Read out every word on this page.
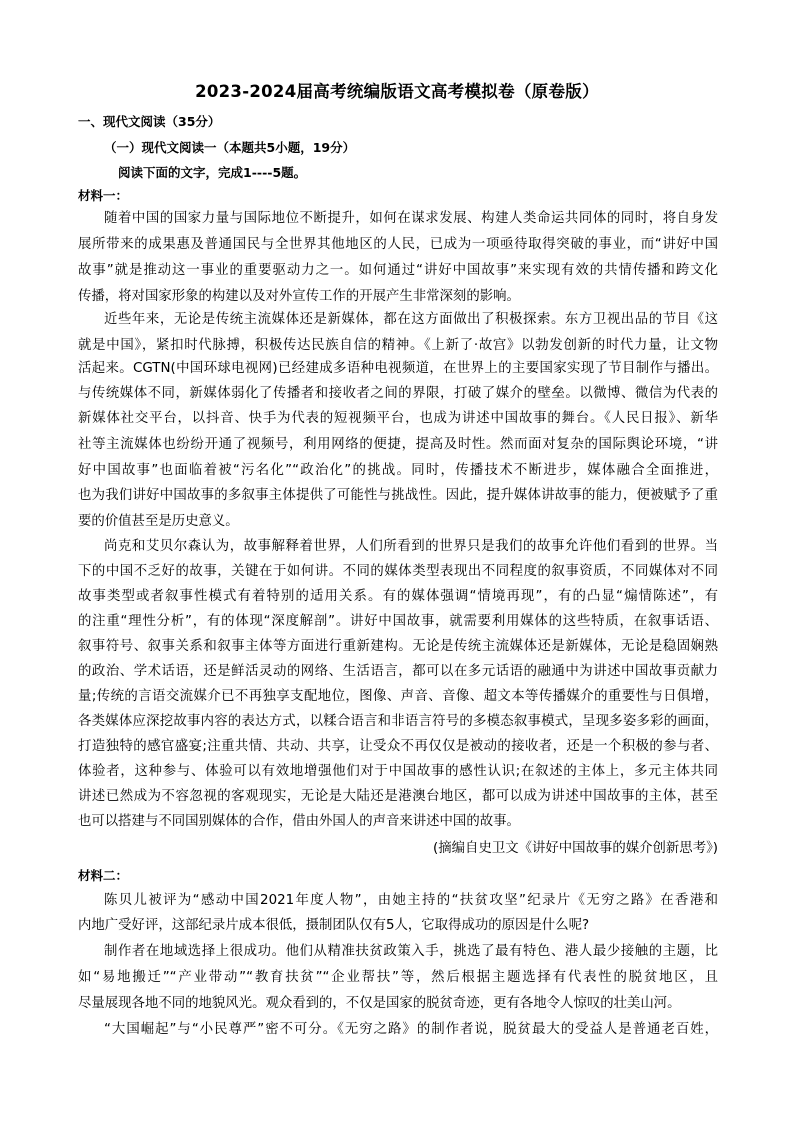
2023-2024届高考统编版语文高考模拟卷（原卷版）
一、现代文阅读（35分）
（一）现代文阅读一（本题共5小题，19分）
阅读下面的文字，完成1----5题。
材料一：
随着中国的国家力量与国际地位不断提升，如何在谋求发展、构建人类命运共同体的同时，将自身发
展所带来的成果惠及普通国民与全世界其他地区的人民，已成为一项亟待取得突破的事业，而“讲好中国
故事”就是推动这一事业的重要驱动力之一。如何通过“讲好中国故事”来实现有效的共情传播和跨文化
传播，将对国家形象的构建以及对外宣传工作的开展产生非常深刻的影响。
近些年来，无论是传统主流媒体还是新媒体，都在这方面做出了积极探索。东方卫视出品的节目《这
就是中国》，紧扣时代脉搏，积极传达民族自信的精神。《上新了·故宫》以勃发创新的时代力量，让文物
活起来。CGTN(中国环球电视网)已经建成多语种电视频道，在世界上的主要国家实现了节目制作与播出。
与传统媒体不同，新媒体弱化了传播者和接收者之间的界限，打破了媒介的壁垒。以微博、微信为代表的
新媒体社交平台，以抖音、快手为代表的短视频平台，也成为讲述中国故事的舞台。《人民日报》、新华
社等主流媒体也纷纷开通了视频号，利用网络的便捷，提高及时性。然而面对复杂的国际舆论环境，“讲
好中国故事”也面临着被“污名化”“政治化”的挑战。同时，传播技术不断进步，媒体融合全面推进，
也为我们讲好中国故事的多叙事主体提供了可能性与挑战性。因此，提升媒体讲故事的能力，便被赋予了重
要的价值甚至是历史意义。
尚克和艾贝尔森认为，故事解释着世界，人们所看到的世界只是我们的故事允许他们看到的世界。当
下的中国不乏好的故事，关键在于如何讲。不同的媒体类型表现出不同程度的叙事资质，不同媒体对不同
故事类型或者叙事性模式有着特别的适用关系。有的媒体强调“情境再现”，有的凸显“煽情陈述”，有
的注重“理性分析”，有的体现“深度解剖”。讲好中国故事，就需要利用媒体的这些特质，在叙事话语、
叙事符号、叙事关系和叙事主体等方面进行重新建构。无论是传统主流媒体还是新媒体，无论是稳固娴熟
的政治、学术话语，还是鲜活灵动的网络、生活语言，都可以在多元话语的融通中为讲述中国故事贡献力
量;传统的言语交流媒介已不再独享支配地位，图像、声音、音像、超文本等传播媒介的重要性与日俱增，
各类媒体应深挖故事内容的表达方式，以糅合语言和非语言符号的多模态叙事模式，呈现多姿多彩的画面，
打造独特的感官盛宴;注重共情、共动、共享，让受众不再仅仅是被动的接收者，还是一个积极的参与者、
体验者，这种参与、体验可以有效地增强他们对于中国故事的感性认识;在叙述的主体上，多元主体共同
讲述已然成为不容忽视的客观现实，无论是大陆还是港澳台地区，都可以成为讲述中国故事的主体，甚至
也可以搭建与不同国别媒体的合作，借由外国人的声音来讲述中国的故事。
(摘编自史卫文《讲好中国故事的媒介创新思考》)
材料二：
陈贝儿被评为“感动中国2021年度人物”，由她主持的“扶贫攻坚”纪录片《无穷之路》在香港和
内地广受好评，这部纪录片成本很低，摄制团队仅有5人，它取得成功的原因是什么呢?
制作者在地域选择上很成功。他们从精准扶贫政策入手，挑选了最有特色、港人最少接触的主题，比
如“易地搬迁”“产业带动”“教育扶贫”“企业帮扶”等，然后根据主题选择有代表性的脱贫地区，且
尽量展现各地不同的地貌风光。观众看到的，不仅是国家的脱贫奇迹，更有各地令人惊叹的壮美山河。
“大国崛起”与“小民尊严”密不可分。《无穷之路》的制作者说，脱贫最大的受益人是普通老百姓，
